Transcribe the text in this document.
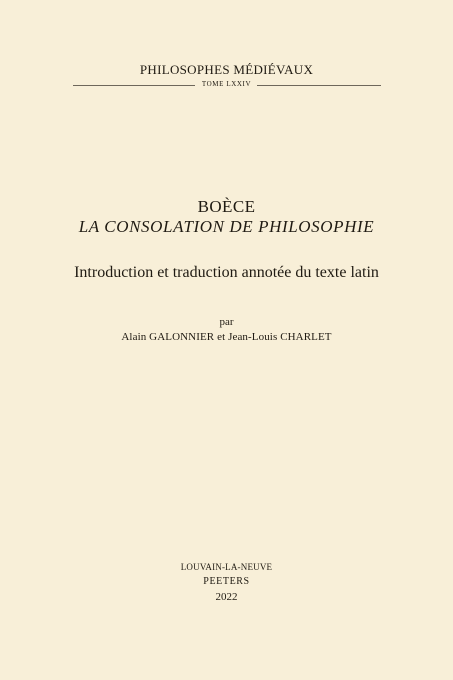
PHILOSOPHES MÉDIÉVAUX
TOME LXXIV
BOÈCE
LA CONSOLATION DE PHILOSOPHIE
Introduction et traduction annotée du texte latin
par
Alain GALONNIER et Jean-Louis CHARLET
LOUVAIN-LA-NEUVE
PEETERS
2022
